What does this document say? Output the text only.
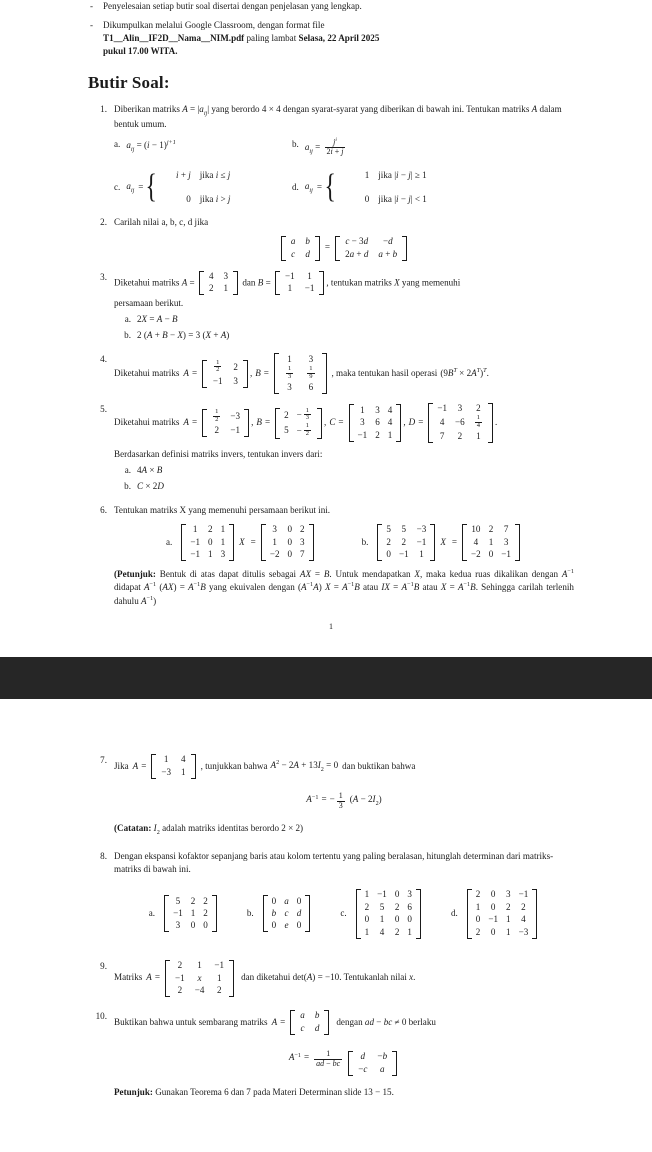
-	Penyelesaian setiap butir soal disertai dengan penjelasan yang lengkap.
-	Dikumpulkan melalui Google Classroom, dengan format file
T1__Alin__IF2D__Nama__NIM.pdf paling lambat Selasa, 22 April 2025
pukul 17.00 WITA.
Butir Soal:
1. Diberikan matriks $A = |a_{ij}|$ yang berordo 4 × 4 dengan syarat-syarat yang diberikan di bawah ini. Tentukan matriks A dalam bentuk umum.
a. $a_{ij} = (i - 1)^{j+1}$	b. $a_{ij} = \frac{j^i}{2i + j}$
c. $a_{ij}$ = {	i + j jika i ≤ j
0 jika i > j
d. $a_{ij}$ = {	1 jika |i − j| ≥ 1
0 jika |i − j| < 1
2. Carilah nilai a, b, c, d jika
a	b
c	d
=
c − 3d	−d
2a + d	a + b
3.
Diketahui matriks A =
4	3
2	1
dan B =
−1	1
1	−1
, tentukan matriks X yang memenuhi
persamaan berikut.
a. 2X = A − B
b. 2 (A + B − X) = 3 (X + A)
4.
Diketahui matriks A =	$\frac{1}{2}$	2
−1	3
, B =
1	3

$\frac{1}{3}$	$\frac{1}{9}$

3	6
, maka tentukan hasil operasi $(9B^T \times 2A^T)^T$.
5.
Diketahui matriks A =	$\frac{1}{2}$	−3
2	−1
, B =
2	− $\frac{1}{3}$

5	− $\frac{1}{2}$
, C =
1	3	4
3	6	4
−1	2	1
, D =
−1	3	2
4	−6	$\frac{1}{4}$

7	2	1
.
Berdasarkan definisi matriks invers, tentukan invers dari:
a. 4A × B
b. C × 2D
6. Tentukan matriks X yang memenuhi persamaan berikut ini.
a.
1	2	1
−1	0	1
−1	1	3
X =
3	0	2
1	0	3
−2	0	7
b.
5	5	−3
2	2	−1
0	−1	1
X =
10	2	7
4	1	3
−2	0	−1
(Petunjuk: Bentuk di atas dapat ditulis sebagai AX = B. Untuk mendapatkan X, maka kedua ruas dikalikan dengan $A^{-1}$ didapat $A^{-1}$ $(AX) = A^{-1}B$ yang ekuivalen dengan $(A^{-1}A) X = A^{-1}B$ atau IX = $A^{-1}B$ atau $X = A^{-1}B$. Sehingga carilah terlenih dahulu $A^{-1}$)
1
7.
Jika A =
1	4
−3	1
, tunjukkan bahwa $A^2 - 2A + 13I_2 = 0$ dan buktikan bahwa
A −1 = − $\frac{1}{3} (A - 2I_2)$
(Catatan: $I_2$ adalah matriks identitas berordo 2 × 2)
8. Dengan ekspansi kofaktor sepanjang baris atau kolom tertentu yang paling beralasan, hitunglah determinan dari matriks-matriks di bawah ini.
a.
5	2	2
−1	1	2
3	0	0
b.
0	a	0
b	c	d
0	e	0
c.
1	−1	0	3
2	5	2	6
0	1	0	0
1	4	2	1
d.
2	0	3	−1
1	0	2	2
0	−1	1	4
2	0	1	−3
9.
Matriks A =
2	1	−1
−1	x	1
2	−4	2
dan diketahui det(A) = −10. Tentukanlah nilai x.
10.
Buktikan bahwa untuk sembarang matriks A =
a	b
c	d
dengan ad − bc ≠ 0 berlaku
$A -1 = \frac{1}{ad - bc}$ d	−b
−c	a
Petunjuk: Gunakan Teorema 6 dan 7 pada Materi Determinan slide 13 − 15.
